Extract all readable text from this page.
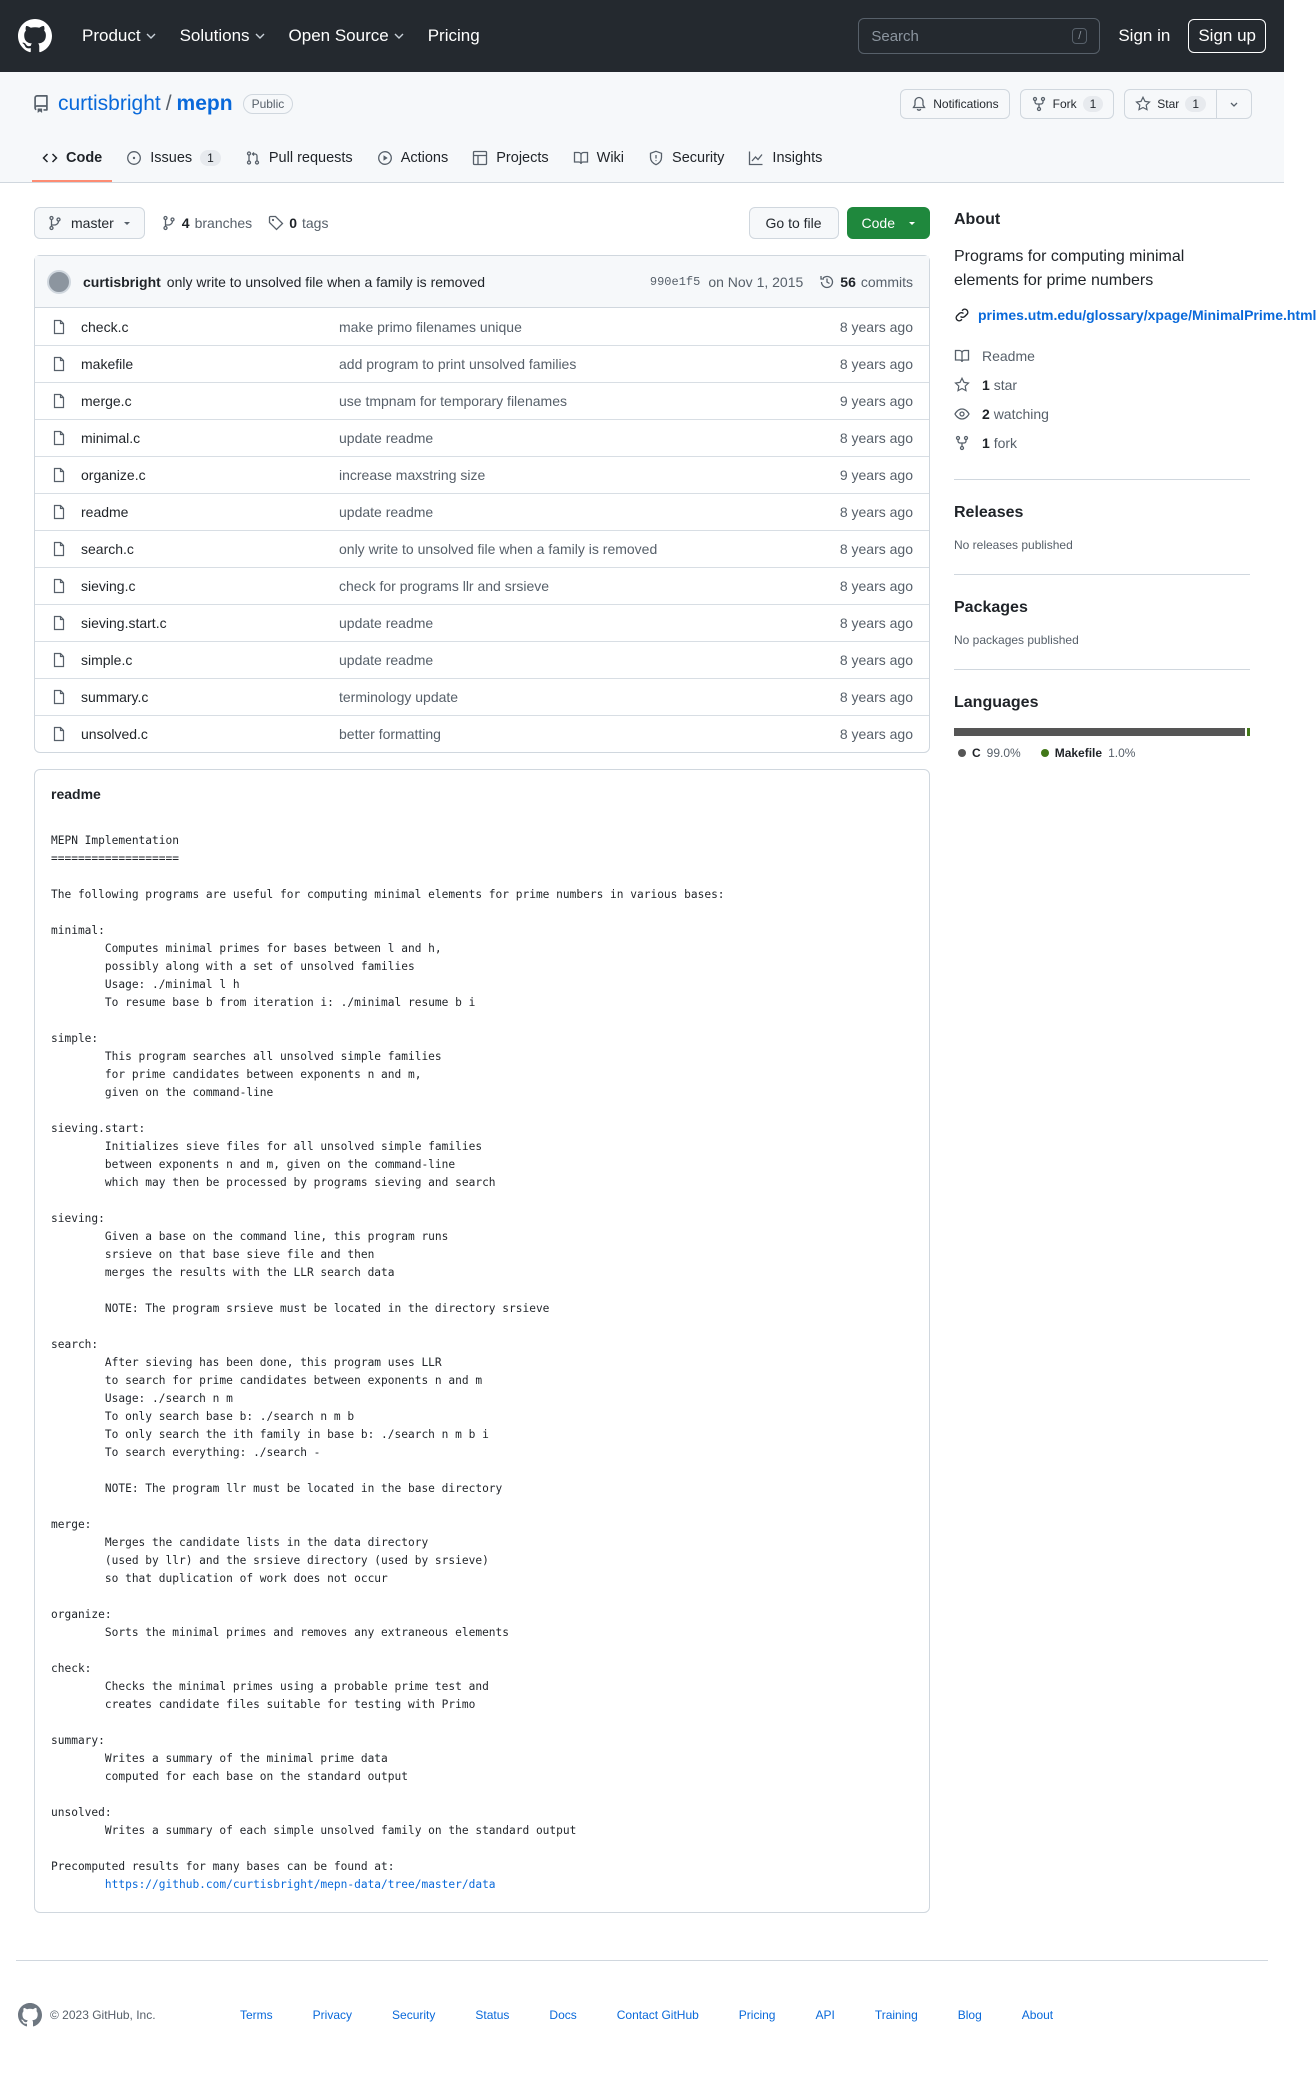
Product Solutions Open Source Pricing	Search	/	Sign in	Sign up
curtisbright / mepn	Public	Notifications	Fork	1	Star	1
Code	Issues	1	Pull requests	Actions	Projects	Wiki	Security	Insights
master	4 branches	0 tags	Go to file	Code
curtisbright only write to unsolved file when a family is removed	990e1f5 on Nov 1, 2015	56 commits
check.c	make primo filenames unique	8 years ago
makefile	add program to print unsolved families	8 years ago
merge.c	use tmpnam for temporary filenames	9 years ago
minimal.c	update readme	8 years ago
organize.c	increase maxstring size	9 years ago
readme	update readme	8 years ago
search.c	only write to unsolved file when a family is removed	8 years ago
sieving.c	check for programs llr and srsieve	8 years ago
sieving.start.c	update readme	8 years ago
simple.c	update readme	8 years ago
summary.c	terminology update	8 years ago
unsolved.c	better formatting	8 years ago
readme
MEPN Implementation
===================

The following programs are useful for computing minimal elements for prime numbers in various bases:

minimal:
Computes minimal primes for bases between l and h,
possibly along with a set of unsolved families
Usage: ./minimal l h
To resume base b from iteration i: ./minimal resume b i

simple:
This program searches all unsolved simple families
for prime candidates between exponents n and m,
given on the command-line

sieving.start:
Initializes sieve files for all unsolved simple families
between exponents n and m, given on the command-line
which may then be processed by programs sieving and search

sieving:
Given a base on the command line, this program runs
srsieve on that base sieve file and then
merges the results with the LLR search data

NOTE: The program srsieve must be located in the directory srsieve

search:
After sieving has been done, this program uses LLR
to search for prime candidates between exponents n and m
Usage: ./search n m
To only search base b: ./search n m b
To only search the ith family in base b: ./search n m b i
To search everything: ./search -

NOTE: The program llr must be located in the base directory

merge:
Merges the candidate lists in the data directory
(used by llr) and the srsieve directory (used by srsieve)
so that duplication of work does not occur

organize:
Sorts the minimal primes and removes any extraneous elements

check:
Checks the minimal primes using a probable prime test and
creates candidate files suitable for testing with Primo

summary:
Writes a summary of the minimal prime data
computed for each base on the standard output

unsolved:
Writes a summary of each simple unsolved family on the standard output

Precomputed results for many bases can be found at:
https://github.com/curtisbright/mepn-data/tree/master/data
About

Programs for computing minimal elements for prime numbers

primes.utm.edu/glossary/xpage/MinimalPrime.html
Readme
1 star
2 watching
1 fork
Releases
No releases published
Packages
No packages published
Languages
C 99.0%	Makefile 1.0%
© 2023 GitHub, Inc.	Terms	Privacy	Security	Status	Docs	Contact GitHub	Pricing	API	Training	Blog	About
